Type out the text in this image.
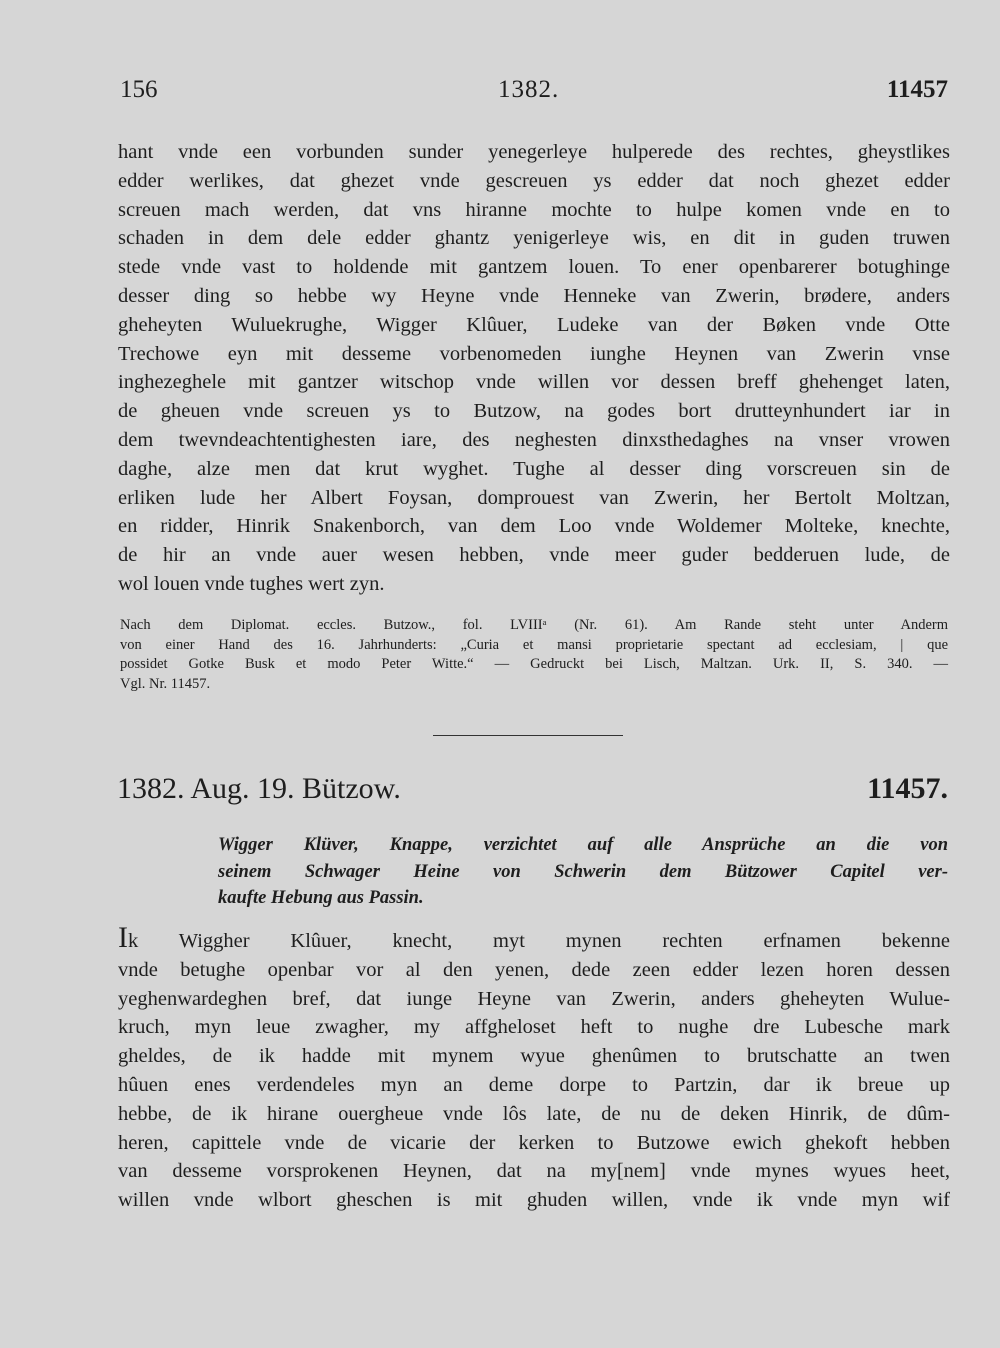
156	1382.	11457
hant vnde een vorbunden sunder yenegerleye hulperede des rechtes, gheystlikes
edder werlikes, dat ghezet vnde gescreuen ys edder dat noch ghezet edder
screuen mach werden, dat vns hiranne mochte to hulpe komen vnde en to
schaden in dem dele edder ghantz yenigerleye wis, en dit in guden truwen
stede vnde vast to holdende mit gantzem louen. To ener openbarerer botughinge
desser ding so hebbe wy Heyne vnde Henneke van Zwerin, brødere, anders
gheheyten Wuluekrughe, Wigger Klûuer, Ludeke van der Bøken vnde Otte
Trechowe eyn mit desseme vorbenomeden iunghe Heynen van Zwerin vnse
inghezeghele mit gantzer witschop vnde willen vor dessen breff ghehenget laten,
de gheuen vnde screuen ys to Butzow, na godes bort drutteynhundert iar in
dem twevndeachtentighesten iare, des neghesten dinxsthedaghes na vnser vrowen
daghe, alze men dat krut wyghet. Tughe al desser ding vorscreuen sin de
erliken lude her Albert Foysan, domprouest van Zwerin, her Bertolt Moltzan,
en ridder, Hinrik Snakenborch, van dem Loo vnde Woldemer Molteke, knechte,
de hir an vnde auer wesen hebben, vnde meer guder bedderuen lude, de
wol louen vnde tughes wert zyn.
Nach dem Diplomat. eccles. Butzow., fol. LVIIIᵃ (Nr. 61). Am Rande steht unter Anderm
von einer Hand des 16. Jahrhunderts: „Curia et mansi proprietarie spectant ad ecclesiam, | que
possidet Gotke Busk et modo Peter Witte.“ — Gedruckt bei Lisch, Maltzan. Urk. II, S. 340. —
Vgl. Nr. 11457.
1382. Aug. 19. Bützow.	11457.
Wigger Klüver, Knappe, verzichtet auf alle Ansprüche an die von
seinem Schwager Heine von Schwerin dem Bützower Capitel ver-
kaufte Hebung aus Passin.
Ik Wiggher Klûuer, knecht, myt mynen rechten erfnamen bekenne
vnde betughe openbar vor al den yenen, dede zeen edder lezen horen dessen
yeghenwardeghen bref, dat iunge Heyne van Zwerin, anders gheheyten Wulue-
kruch, myn leue zwagher, my affgheloset heft to nughe dre Lubesche mark
gheldes, de ik hadde mit mynem wyue ghenûmen to brutschatte an twen
hûuen enes verdendeles myn an deme dorpe to Partzin, dar ik breue up
hebbe, de ik hirane ouergheue vnde lôs late, de nu de deken Hinrik, de dûm-
heren, capittele vnde de vicarie der kerken to Butzowe ewich ghekoft hebben
van desseme vorsprokenen Heynen, dat na my[nem] vnde mynes wyues heet,
willen vnde wlbort gheschen is mit ghuden willen, vnde ik vnde myn wif
